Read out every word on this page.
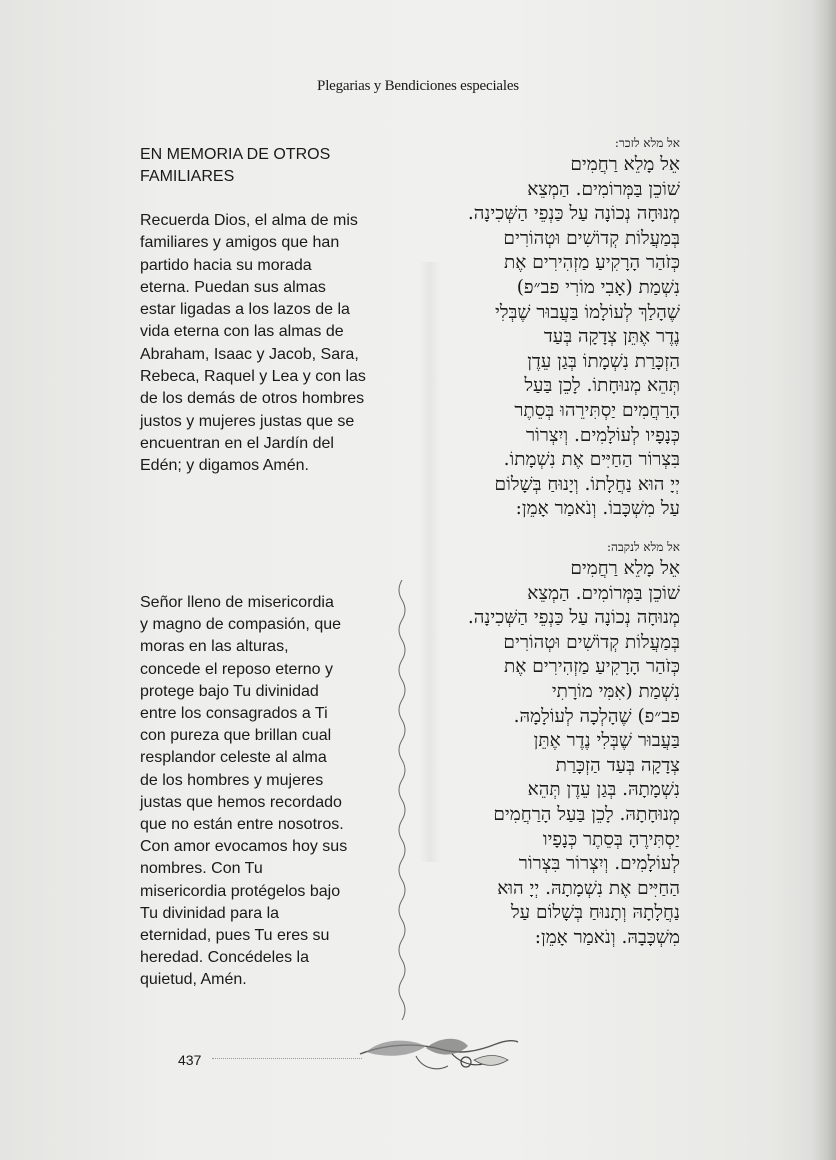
Plegarias y Bendiciones especiales
EN MEMORIA DE OTROS
FAMILIARES
Recuerda Dios, el alma de mis
familiares y amigos que han
partido hacia su morada
eterna. Puedan sus almas
estar ligadas a los lazos de la
vida eterna con las almas de
Abraham, Isaac y Jacob, Sara,
Rebeca, Raquel y Lea y con las
de los demás de otros hombres
justos y mujeres justas que se
encuentran en el Jardín del
Edén; y digamos Amén.
Señor lleno de misericordia
y magno de compasión, que
moras en las alturas,
concede el reposo eterno y
protege bajo Tu divinidad
entre los consagrados a Ti
con pureza que brillan cual
resplandor celeste al alma
de los hombres y mujeres
justas que hemos recordado
que no están entre nosotros.
Con amor evocamos hoy sus
nombres. Con Tu
misericordia protégelos bajo
Tu divinidad para la
eternidad, pues Tu eres su
heredad. Concédeles la
quietud, Amén.
אל מלא לזכר:
אֵל מָלֵא רַחֲמִים
שׁוֹכֵן בַּמְּרוֹמִים. הַמְצֵא
מְנוּחָה נְכוֹנָה עַל כַּנְפֵי הַשְּׁכִינָה.
בְּמַעֲלוֹת קְדוֹשִׁים וּטְהוֹרִים
כְּזֹהַר הָרָקִיעַ מַזְהִירִים אֶת
נִשְׁמַת (אָבִי מוֹרִי פב״פ)
שֶׁהָלַךְ לְעוֹלָמוֹ בַּעֲבוּר שֶׁבְּלִי
נֶדֶר אֶתֵּן צְדָקָה בְּעַד
הַזְכָּרַת נִשְׁמָתוֹ בְּגַן עֵדֶן
תְּהֵא מְנוּחָתוֹ. לָכֵן בַּעַל
הָרַחֲמִים יַסְתִּירֵהוּ בְּסֵתֶר
כְּנָפָיו לְעוֹלָמִים. וְיִצְרוֹר
בִּצְרוֹר הַחַיִּים אֶת נִשְׁמָתוֹ.
יְיָ הוּא נַחֲלָתוֹ. וְיָנוּחַ בְּשָׁלוֹם
עַל מִשְׁכָּבוֹ. וְנֹאמַר אָמֵן:
אל מלא לנקבה:
אֵל מָלֵא רַחֲמִים
שׁוֹכֵן בַּמְּרוֹמִים. הַמְצֵא
מְנוּחָה נְכוֹנָה עַל כַּנְפֵי הַשְּׁכִינָה.
בְּמַעֲלוֹת קְדוֹשִׁים וּטְהוֹרִים
כְּזֹהַר הָרָקִיעַ מַזְהִירִים אֶת
נִשְׁמַת (אִמִּי מוֹרָתִי
פב״פ) שֶׁהָלְכָה לְעוֹלָמָהּ.
בַּעֲבוּר שֶׁבְּלִי נֶדֶר אֶתֵּן
צְדָקָה בְּעַד הַזְכָּרַת
נִשְׁמָתָהּ. בְּגַן עֵדֶן תְּהֵא
מְנוּחָתָהּ. לָכֵן בַּעַל הָרַחֲמִים
יַסְתִּירֶהָ בְּסֵתֶר כְּנָפָיו
לְעוֹלָמִים. וְיִצְרוֹר בִּצְרוֹר
הַחַיִּים אֶת נִשְׁמָתָהּ. יְיָ הוּא
נַחֲלָתָהּ וְתָנוּחַ בְּשָׁלוֹם עַל
מִשְׁכָּבָהּ. וְנֹאמַר אָמֵן:
437
